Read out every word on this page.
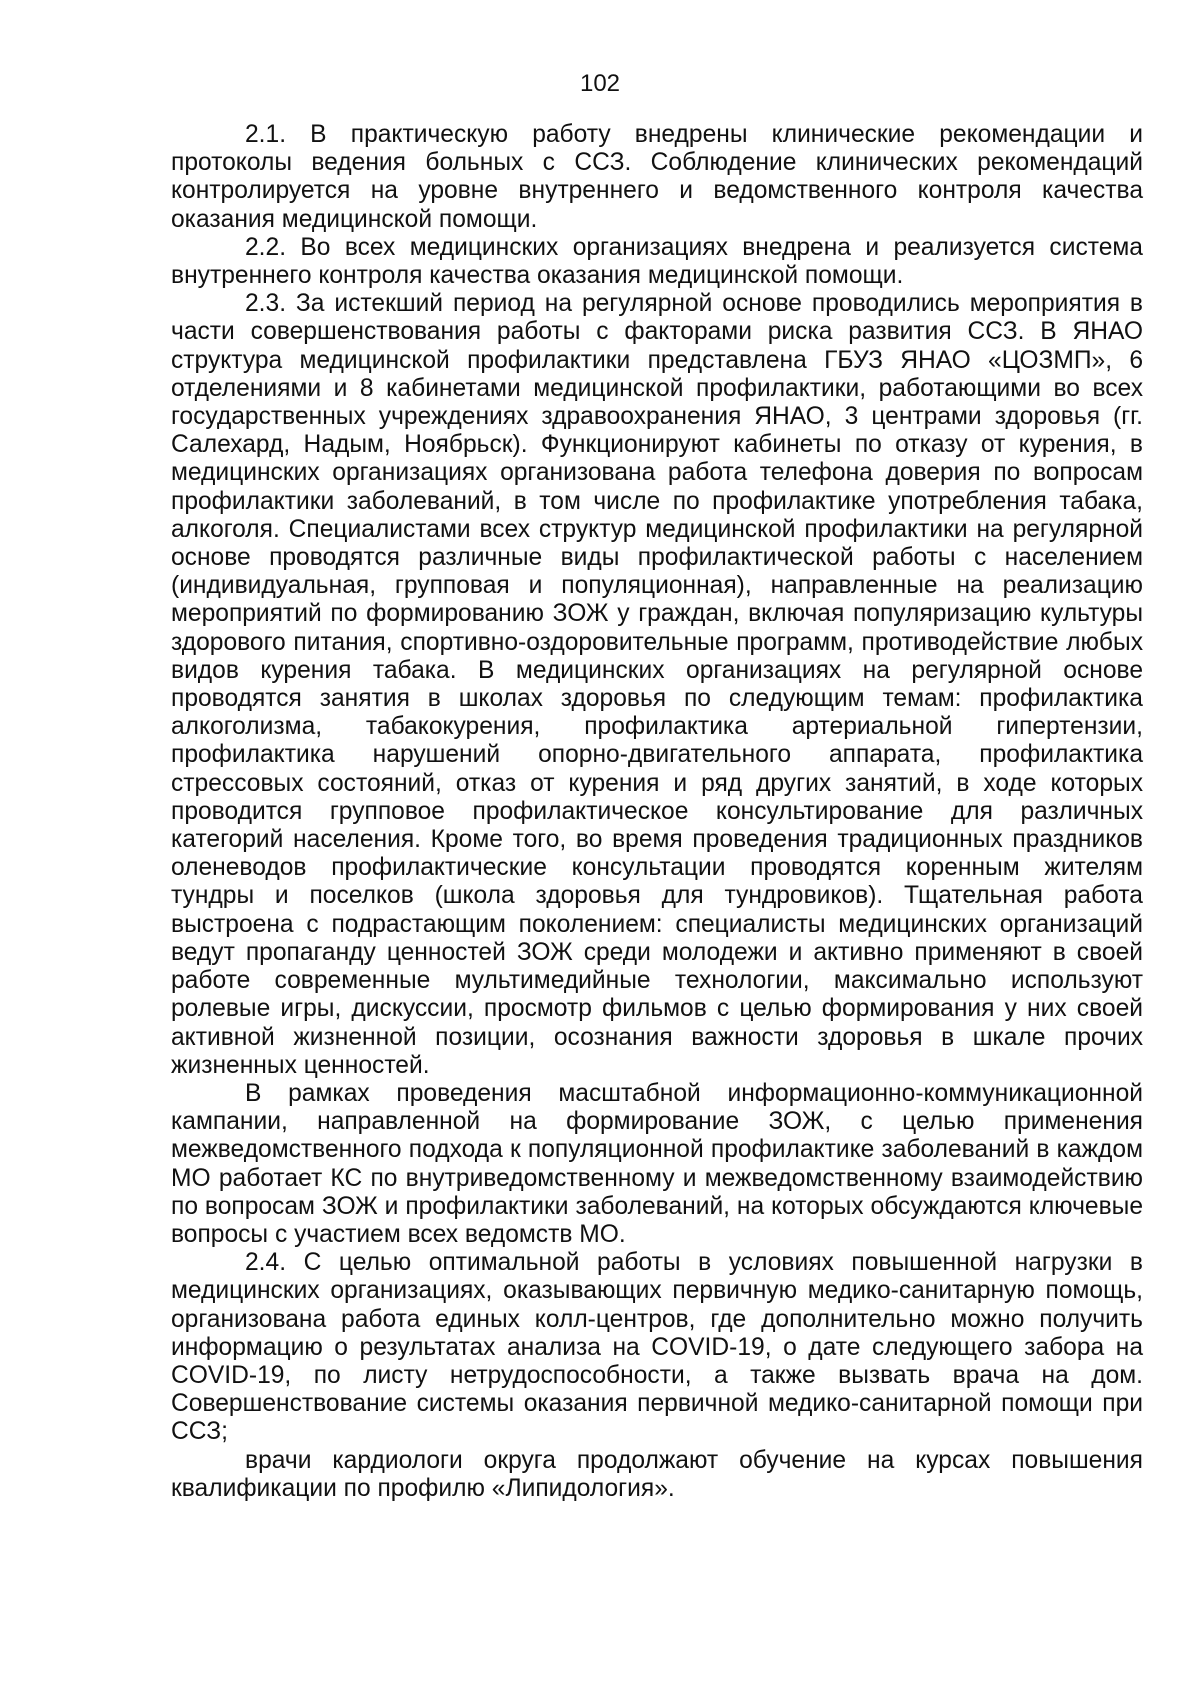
102

2.1. В практическую работу внедрены клинические рекомендации и протоколы ведения больных с ССЗ. Соблюдение клинических рекомендаций контролируется на уровне внутреннего и ведомственного контроля качества оказания медицинской помощи.

2.2. Во всех медицинских организациях внедрена и реализуется система внутреннего контроля качества оказания медицинской помощи.

2.3. За истекший период на регулярной основе проводились мероприятия в части совершенствования работы с факторами риска развития ССЗ. В ЯНАО структура медицинской профилактики представлена ГБУЗ ЯНАО «ЦОЗМП», 6 отделениями и 8 кабинетами медицинской профилактики, работающими во всех государственных учреждениях здравоохранения ЯНАО, 3 центрами здоровья (гг. Салехард, Надым, Ноябрьск). Функционируют кабинеты по отказу от курения, в медицинских организациях организована работа телефона доверия по вопросам профилактики заболеваний, в том числе по профилактике употребления табака, алкоголя. Специалистами всех структур медицинской профилактики на регулярной основе проводятся различные виды профилактической работы с населением (индивидуальная, групповая и популяционная), направленные на реализацию мероприятий по формированию ЗОЖ у граждан, включая популяризацию культуры здорового питания, спортивно-оздоровительные программ, противодействие любых видов курения табака. В медицинских организациях на регулярной основе проводятся занятия в школах здоровья по следующим темам: профилактика алкоголизма, табакокурения, профилактика артериальной гипертензии, профилактика нарушений опорно-двигательного аппарата, профилактика стрессовых состояний, отказ от курения и ряд других занятий, в ходе которых проводится групповое профилактическое консультирование для различных категорий населения. Кроме того, во время проведения традиционных праздников оленеводов профилактические консультации проводятся коренным жителям тундры и поселков (школа здоровья для тундровиков). Тщательная работа выстроена с подрастающим поколением: специалисты медицинских организаций ведут пропаганду ценностей ЗОЖ среди молодежи и активно применяют в своей работе современные мультимедийные технологии, максимально используют ролевые игры, дискуссии, просмотр фильмов с целью формирования у них своей активной жизненной позиции, осознания важности здоровья в шкале прочих жизненных ценностей.

В рамках проведения масштабной информационно-коммуникационной кампании, направленной на формирование ЗОЖ, с целью применения межведомственного подхода к популяционной профилактике заболеваний в каждом МО работает КС по внутриведомственному и межведомственному взаимодействию по вопросам ЗОЖ и профилактики заболеваний, на которых обсуждаются ключевые вопросы с участием всех ведомств МО.

2.4. С целью оптимальной работы в условиях повышенной нагрузки в медицинских организациях, оказывающих первичную медико-санитарную помощь, организована работа единых колл-центров, где дополнительно можно получить информацию о результатах анализа на COVID-19, о дате следующего забора на COVID-19, по листу нетрудоспособности, а также вызвать врача на дом. Совершенствование системы оказания первичной медико-санитарной помощи при ССЗ;

врачи кардиологи округа продолжают обучение на курсах повышения квалификации по профилю «Липидология».
